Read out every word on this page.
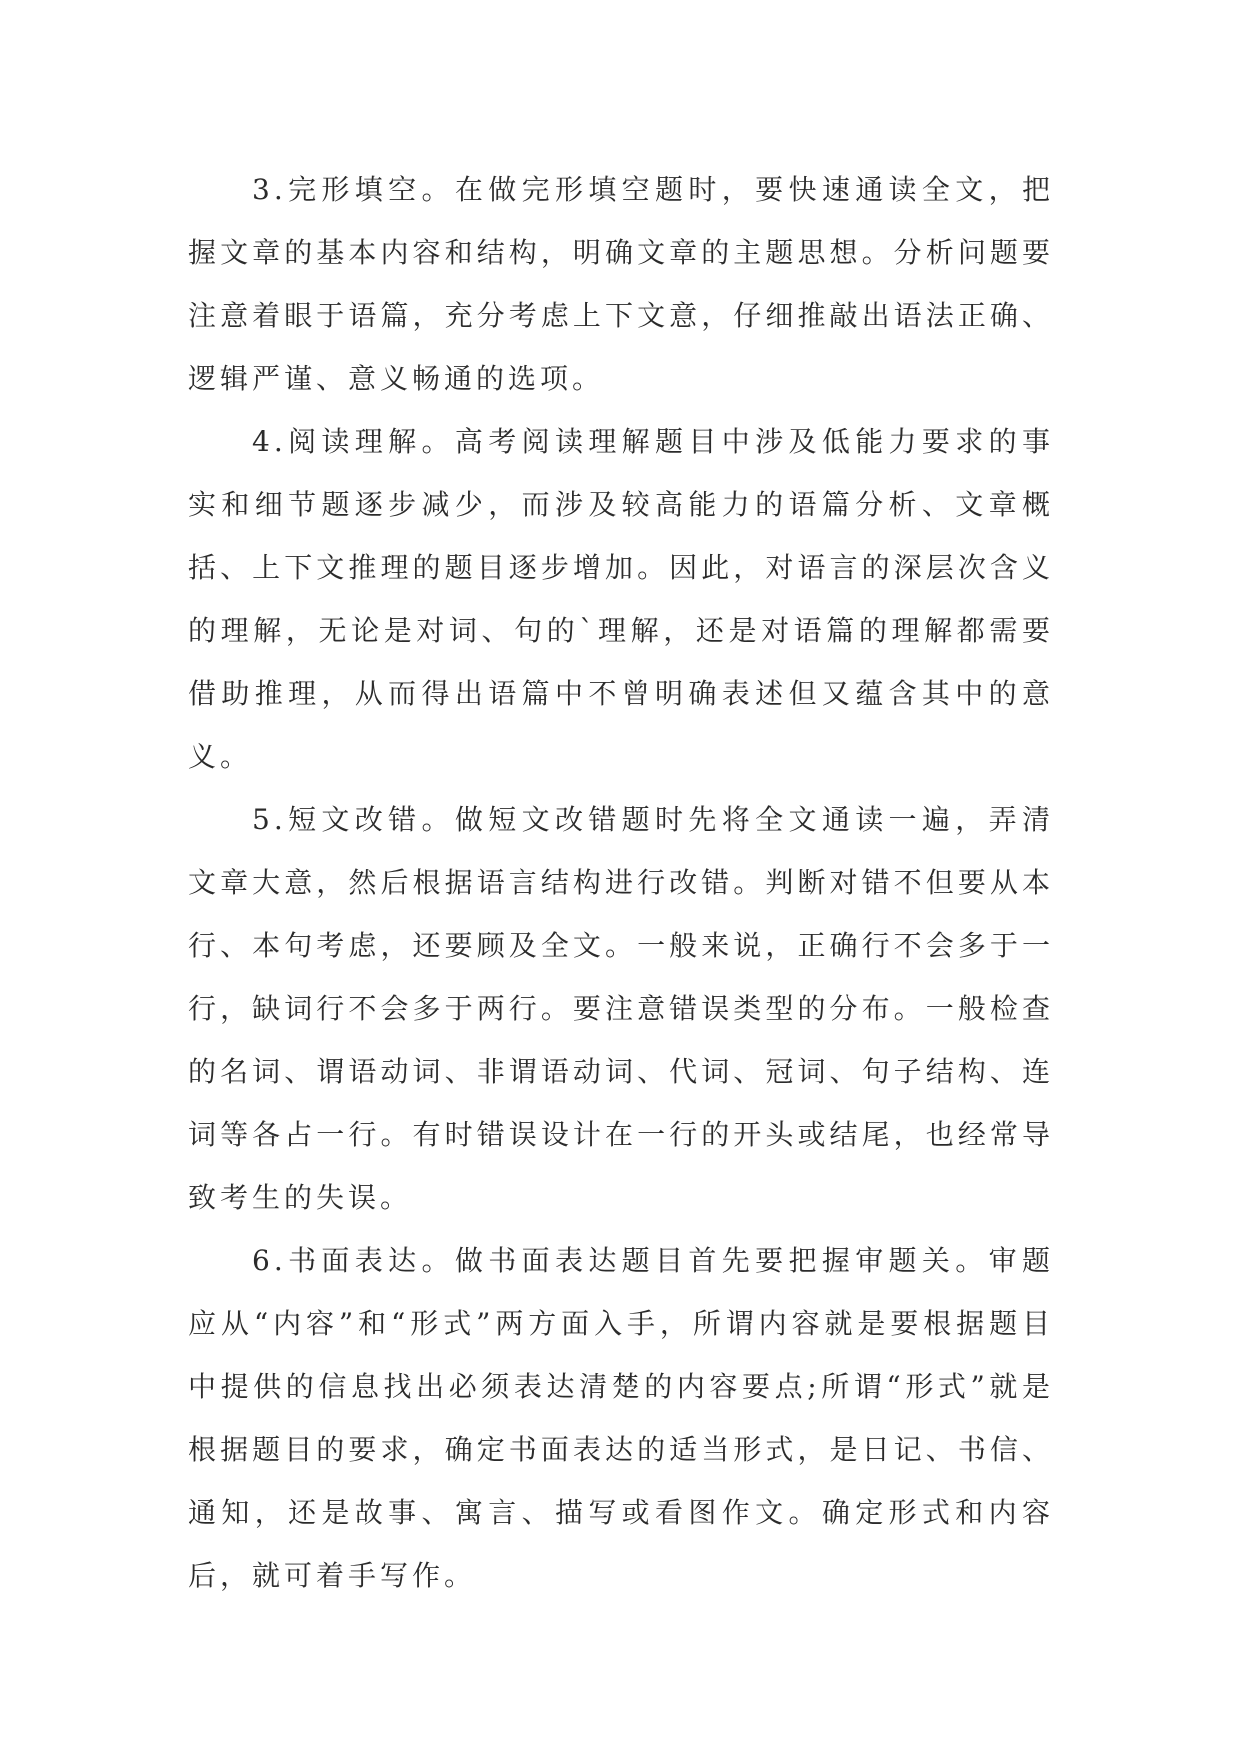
3.完形填空。在做完形填空题时，要快速通读全文，把握文章的基本内容和结构，明确文章的主题思想。分析问题要注意着眼于语篇，充分考虑上下文意，仔细推敲出语法正确、逻辑严谨、意义畅通的选项。

4.阅读理解。高考阅读理解题目中涉及低能力要求的事实和细节题逐步减少，而涉及较高能力的语篇分析、文章概括、上下文推理的题目逐步增加。因此，对语言的深层次含义的理解，无论是对词、句的`理解，还是对语篇的理解都需要借助推理，从而得出语篇中不曾明确表述但又蕴含其中的意义。

5.短文改错。做短文改错题时先将全文通读一遍，弄清文章大意，然后根据语言结构进行改错。判断对错不但要从本行、本句考虑，还要顾及全文。一般来说，正确行不会多于一行，缺词行不会多于两行。要注意错误类型的分布。一般检查的名词、谓语动词、非谓语动词、代词、冠词、句子结构、连词等各占一行。有时错误设计在一行的开头或结尾，也经常导致考生的失误。

6.书面表达。做书面表达题目首先要把握审题关。审题应从“内容”和“形式”两方面入手，所谓内容就是要根据题目中提供的信息找出必须表达清楚的内容要点;所谓“形式”就是根据题目的要求，确定书面表达的适当形式，是日记、书信、通知，还是故事、寓言、描写或看图作文。确定形式和内容后，就可着手写作。
